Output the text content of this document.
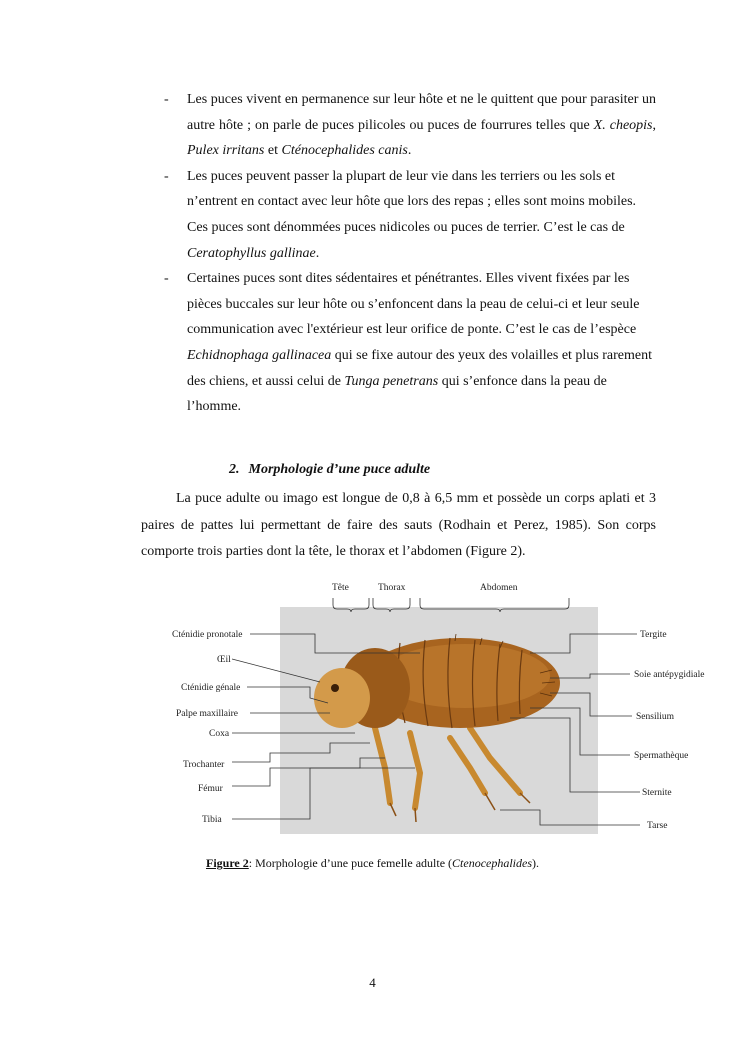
- Les puces vivent en permanence sur leur hôte et ne le quittent que pour parasiter un autre hôte ; on parle de puces pilicoles ou puces de fourrures telles que X. cheopis, Pulex irritans et Cténocephalides canis.
- Les puces peuvent passer la plupart de leur vie dans les terriers ou les sols et n’entrent en contact avec leur hôte que lors des repas ; elles sont moins mobiles. Ces puces sont dénommées puces nidicoles ou puces de terrier. C’est le cas de Ceratophyllus gallinae.
- Certaines puces sont dites sédentaires et pénétrantes. Elles vivent fixées par les pièces buccales sur leur hôte ou s’enfoncent dans la peau de celui-ci et leur seule communication avec l'extérieur est leur orifice de ponte. C’est le cas de l’espèce Echidnophaga gallinacea qui se fixe autour des yeux des volailles et plus rarement des chiens, et aussi celui de Tunga penetrans qui s’enfonce dans la peau de l’homme.
2. Morphologie d’une puce adulte

La puce adulte ou imago est longue de 0,8 à 6,5 mm et possède un corps aplati et 3 paires de pattes lui permettant de faire des sauts (Rodhain et Perez, 1985). Son corps comporte trois parties dont la tête, le thorax et l’abdomen (Figure 2).

Tête	Thorax	Abdomen
Cténidie pronotale
Œil
Cténidie génale
Palpe maxillaire
Coxa
Trochanter
Fémur
Tibia
Tergite
Soie antépygidiale
Sensilium
Spermathèque
Sternite
Tarse
Figure 2: Morphologie d’une puce femelle adulte (Ctenocephalides).
4
